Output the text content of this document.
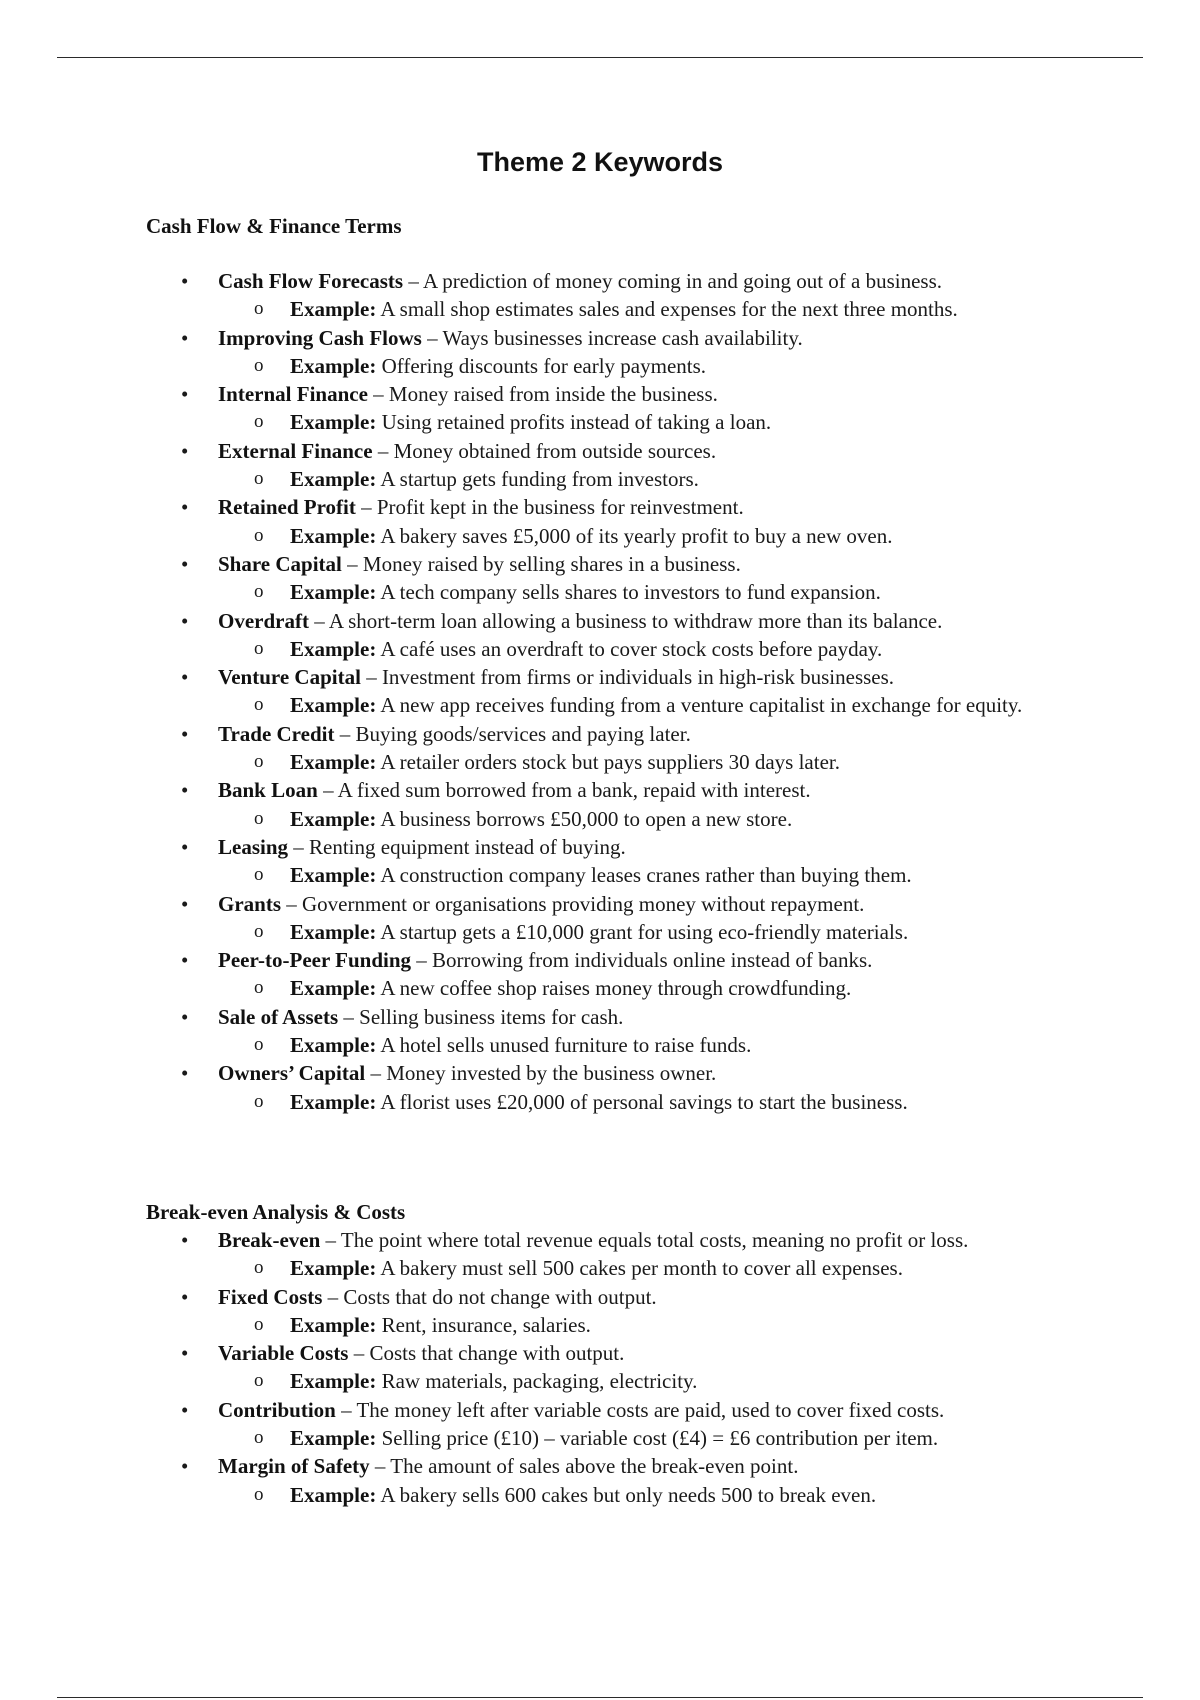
Theme 2 Keywords
Cash Flow & Finance Terms
• Cash Flow Forecasts – A prediction of money coming in and going out of a business.
o Example: A small shop estimates sales and expenses for the next three months.
• Improving Cash Flows – Ways businesses increase cash availability.
o Example: Offering discounts for early payments.
• Internal Finance – Money raised from inside the business.
o Example: Using retained profits instead of taking a loan.
• External Finance – Money obtained from outside sources.
o Example: A startup gets funding from investors.
• Retained Profit – Profit kept in the business for reinvestment.
o Example: A bakery saves £5,000 of its yearly profit to buy a new oven.
• Share Capital – Money raised by selling shares in a business.
o Example: A tech company sells shares to investors to fund expansion.
• Overdraft – A short-term loan allowing a business to withdraw more than its balance.
o Example: A café uses an overdraft to cover stock costs before payday.
• Venture Capital – Investment from firms or individuals in high-risk businesses.
o Example: A new app receives funding from a venture capitalist in exchange for equity.
• Trade Credit – Buying goods/services and paying later.
o Example: A retailer orders stock but pays suppliers 30 days later.
• Bank Loan – A fixed sum borrowed from a bank, repaid with interest.
o Example: A business borrows £50,000 to open a new store.
• Leasing – Renting equipment instead of buying.
o Example: A construction company leases cranes rather than buying them.
• Grants – Government or organisations providing money without repayment.
o Example: A startup gets a £10,000 grant for using eco-friendly materials.
• Peer-to-Peer Funding – Borrowing from individuals online instead of banks.
o Example: A new coffee shop raises money through crowdfunding.
• Sale of Assets – Selling business items for cash.
o Example: A hotel sells unused furniture to raise funds.
• Owners’ Capital – Money invested by the business owner.
o Example: A florist uses £20,000 of personal savings to start the business.
Break-even Analysis & Costs
• Break-even – The point where total revenue equals total costs, meaning no profit or loss.
o Example: A bakery must sell 500 cakes per month to cover all expenses.
• Fixed Costs – Costs that do not change with output.
o Example: Rent, insurance, salaries.
• Variable Costs – Costs that change with output.
o Example: Raw materials, packaging, electricity.
• Contribution – The money left after variable costs are paid, used to cover fixed costs.
o Example: Selling price (£10) – variable cost (£4) = £6 contribution per item.
• Margin of Safety – The amount of sales above the break-even point.
o Example: A bakery sells 600 cakes but only needs 500 to break even.
